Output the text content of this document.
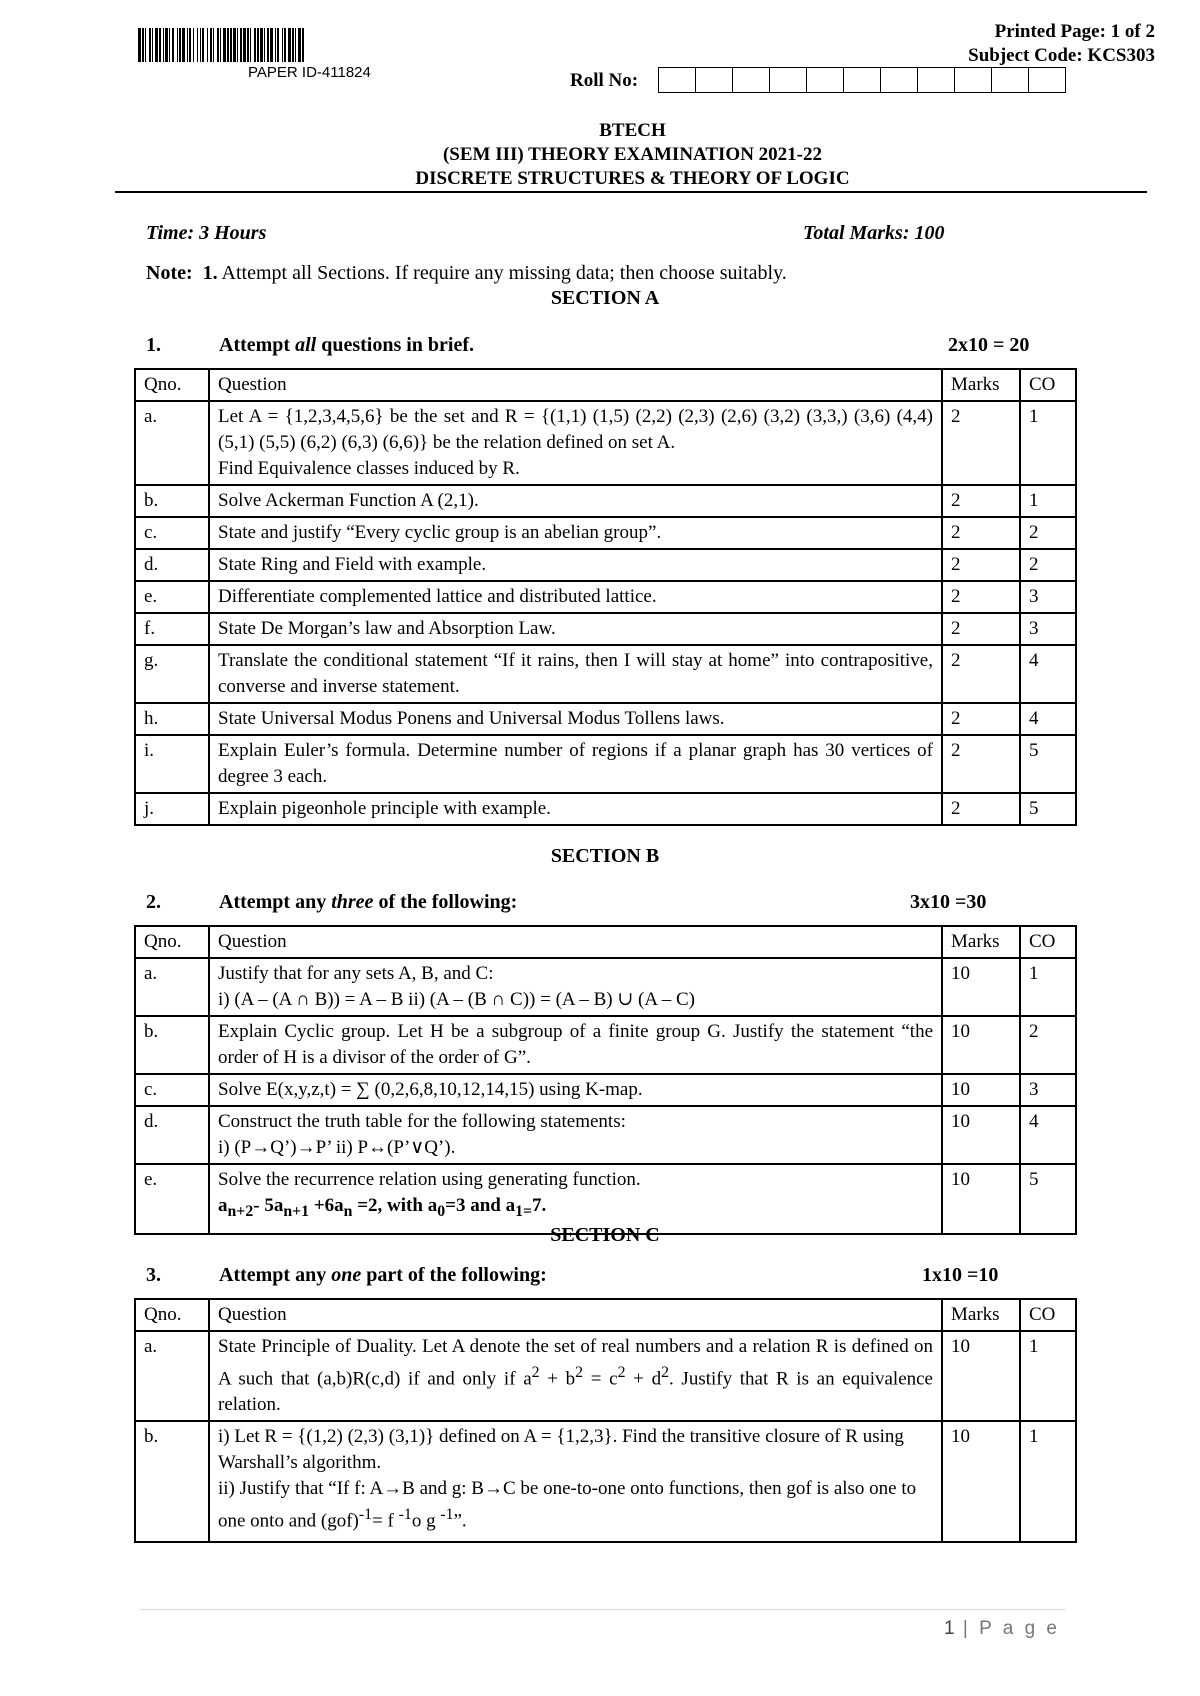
PAPER ID-411824
Printed Page: 1 of 2
Subject Code: KCS303
Roll No:
BTECH
(SEM III) THEORY EXAMINATION 2021-22
DISCRETE STRUCTURES & THEORY OF LOGIC
Time: 3 Hours	Total Marks: 100
Note: 1. Attempt all Sections. If require any missing data; then choose suitably.
SECTION A
1.	Attempt all questions in brief.	2x10 = 20
Qno.	Question	Marks	CO
a.	Let A = {1,2,3,4,5,6} be the set and R = {(1,1) (1,5) (2,2) (2,3) (2,6) (3,2) (3,3,) (3,6) (4,4) (5,1) (5,5) (6,2) (6,3) (6,6)} be the relation defined on set A.
Find Equivalence classes induced by R.	2	1
b.	Solve Ackerman Function A (2,1).	2	1
c.	State and justify “Every cyclic group is an abelian group”.	2	2
d.	State Ring and Field with example.	2	2
e.	Differentiate complemented lattice and distributed lattice.	2	3
f.	State De Morgan’s law and Absorption Law.	2	3
g.	Translate the conditional statement “If it rains, then I will stay at home” into contrapositive, converse and inverse statement.	2	4
h.	State Universal Modus Ponens and Universal Modus Tollens laws.	2	4
i.	Explain Euler’s formula. Determine number of regions if a planar graph has 30 vertices of degree 3 each.	2	5
j.	Explain pigeonhole principle with example.	2	5
SECTION B
2.	Attempt any three of the following:	3x10 =30
Qno.	Question	Marks	CO
a.	Justify that for any sets A, B, and C:
i) (A – (A ∩ B)) = A – B ii) (A – (B ∩ C)) = (A – B) ∪ (A – C)	10	1
b.	Explain Cyclic group. Let H be a subgroup of a finite group G. Justify the statement “the order of H is a divisor of the order of G”.	10	2
c.	Solve E(x,y,z,t) = ∑ (0,2,6,8,10,12,14,15) using K-map.	10	3
d.	Construct the truth table for the following statements:
i) (P→Q’)→P’ ii) P↔(P’∨Q’).	10	4
e.	Solve the recurrence relation using generating function.
$a_{n+2}-$ $5a_{n+1} +6a_n =2$, with $a_0=3$ and $a_{1=}7$.	10	5
SECTION C
3.	Attempt any one part of the following:	1x10 =10
Qno.	Question	Marks	CO
a.	State Principle of Duality. Let A denote the set of real numbers and a relation R is defined on A such that (a,b)R(c,d) if and only if $a^2 + b^2 = c^2 + d^2$. Justify that R is an equivalence relation.	10	1
b.	i) Let R = {(1,2) (2,3) (3,1)} defined on A = {1,2,3}. Find the transitive closure of R using Warshall’s algorithm.
ii) Justify that “If f: A→B and g: B→C be one-to-one onto functions, then gof is also one to one onto and (gof)$^{-1}$= f $^{-1}$o g $^{-1}$”.	10	1
1 | P a g e
